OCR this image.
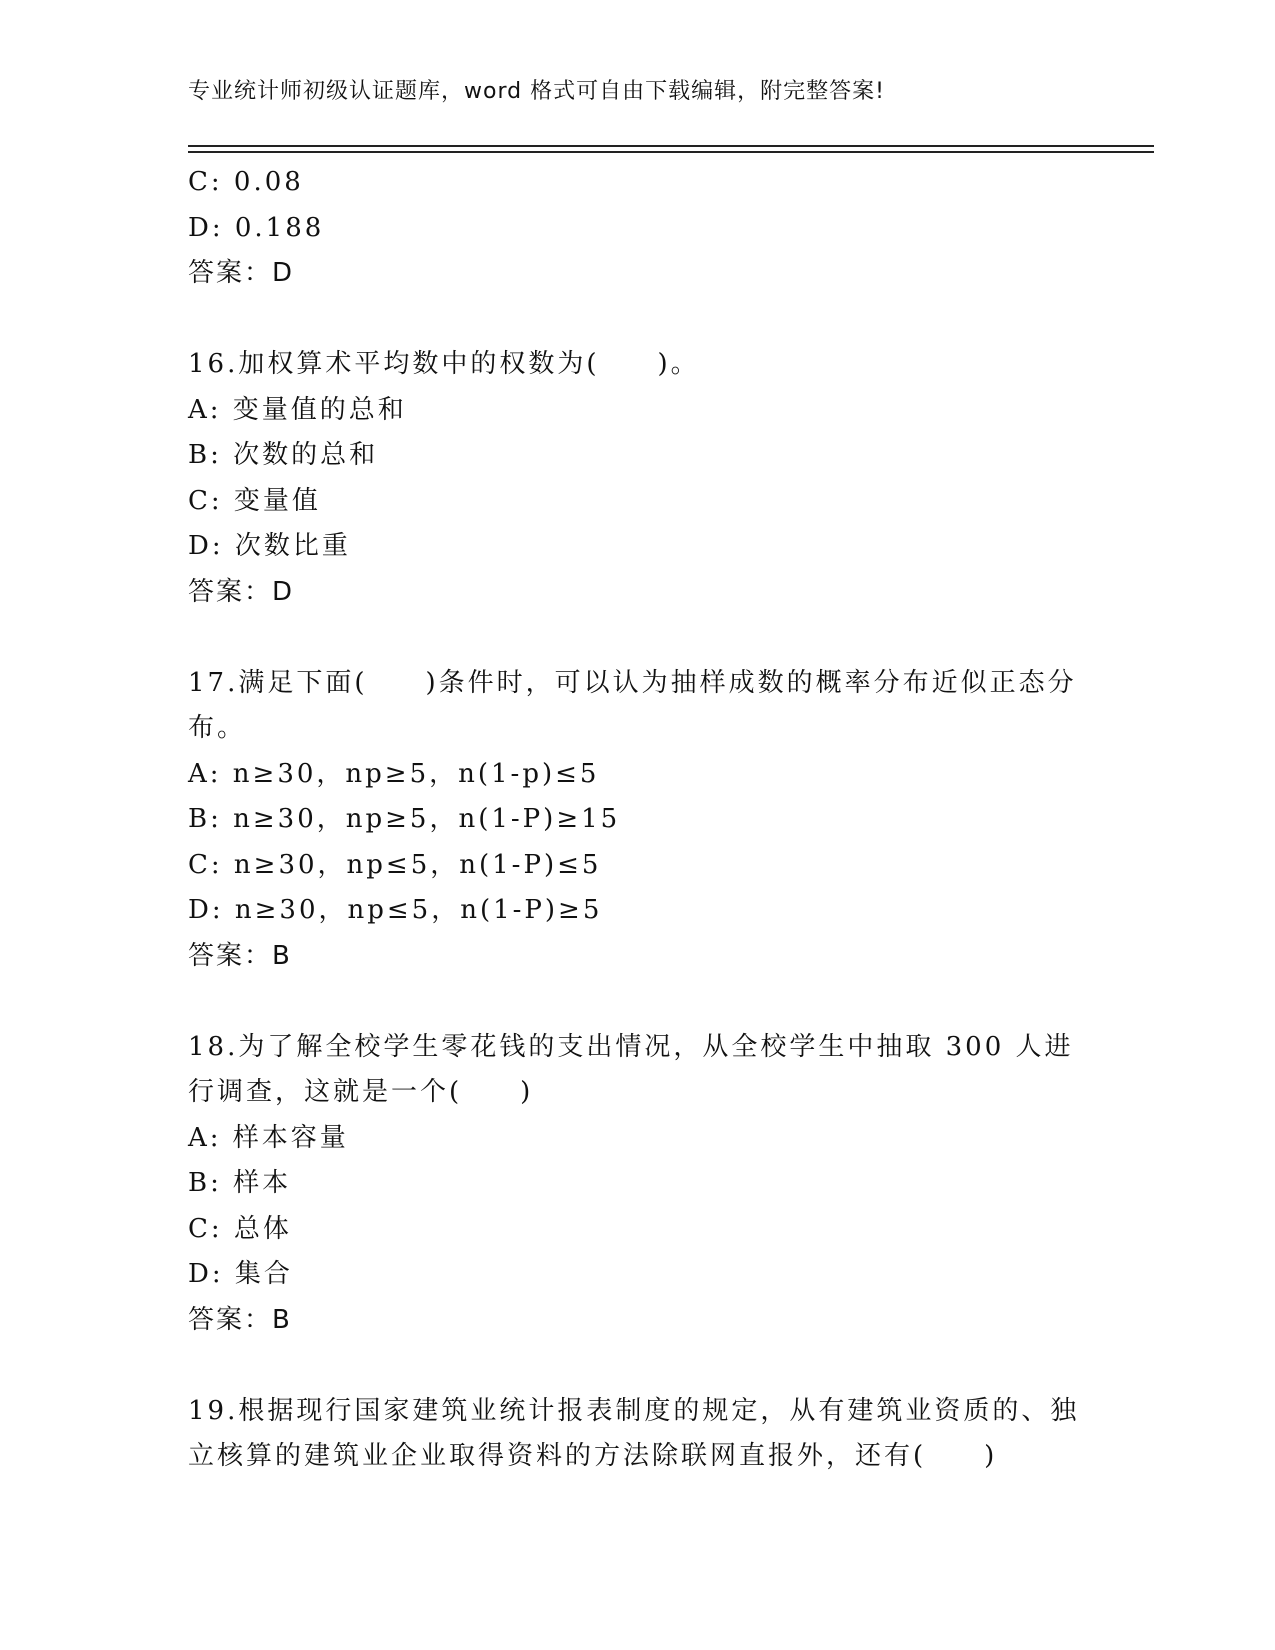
专业统计师初级认证题库，word 格式可自由下载编辑，附完整答案!
C: 0.08
D: 0.188
答案：D
16.加权算术平均数中的权数为(　　)。
A: 变量值的总和
B: 次数的总和
C: 变量值
D: 次数比重
答案：D
17.满足下面(　　)条件时，可以认为抽样成数的概率分布近似正态分布。
A: n≥30，np≥5，n(1-p)≤5
B: n≥30，np≥5，n(1-P)≥15
C: n≥30，np≤5，n(1-P)≤5
D: n≥30，np≤5，n(1-P)≥5
答案：B
18.为了解全校学生零花钱的支出情况，从全校学生中抽取 300 人进行调查，这就是一个(　　)
A: 样本容量
B: 样本
C: 总体
D: 集合
答案：B
19.根据现行国家建筑业统计报表制度的规定，从有建筑业资质的、独立核算的建筑业企业取得资料的方法除联网直报外，还有(　　)
